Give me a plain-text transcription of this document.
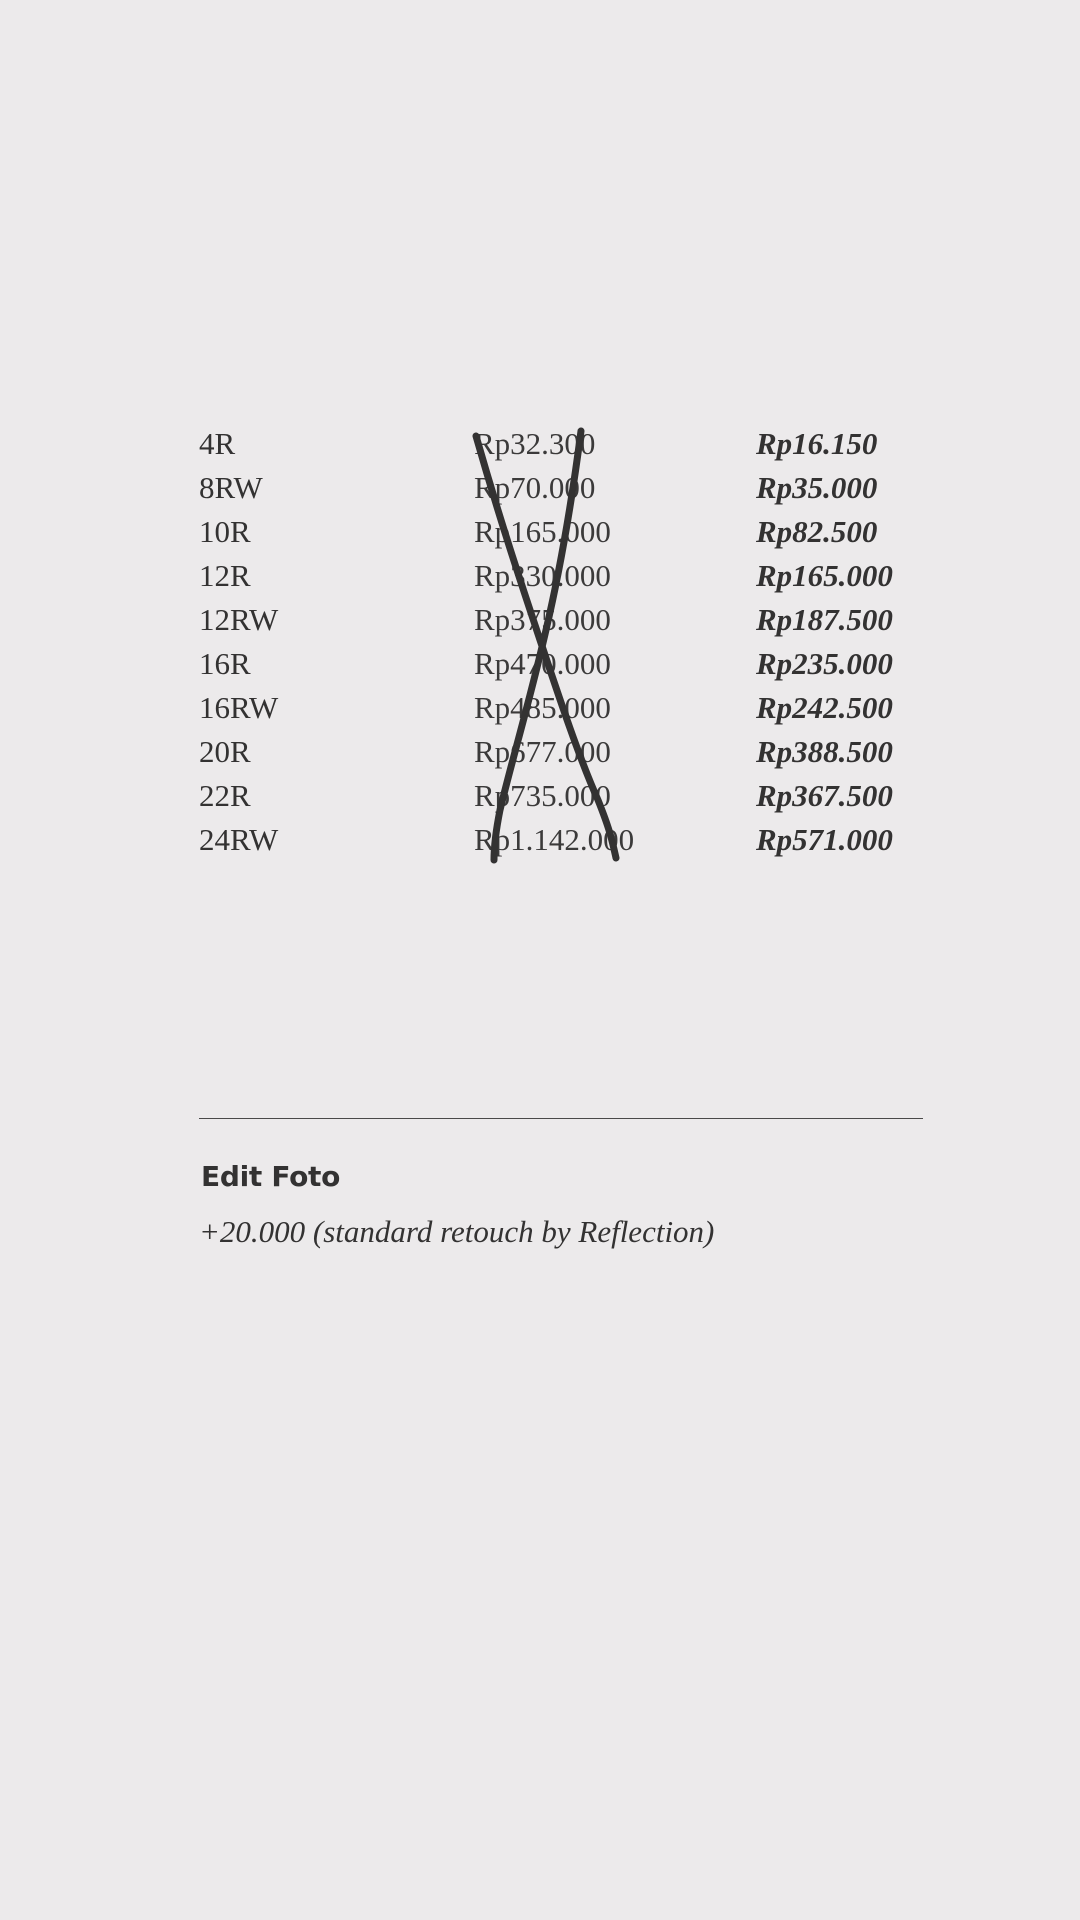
4R	Rp32.300	Rp16.150
8RW	Rp70.000	Rp35.000
10R	Rp165.000	Rp82.500
12R	Rp330.000	Rp165.000
12RW	Rp375.000	Rp187.500
16R	Rp470.000	Rp235.000
16RW	Rp485.000	Rp242.500
20R	Rp677.000	Rp388.500
22R	Rp735.000	Rp367.500
24RW	Rp1.142.000	Rp571.000
Edit Foto
+20.000 (standard retouch by Reflection)
